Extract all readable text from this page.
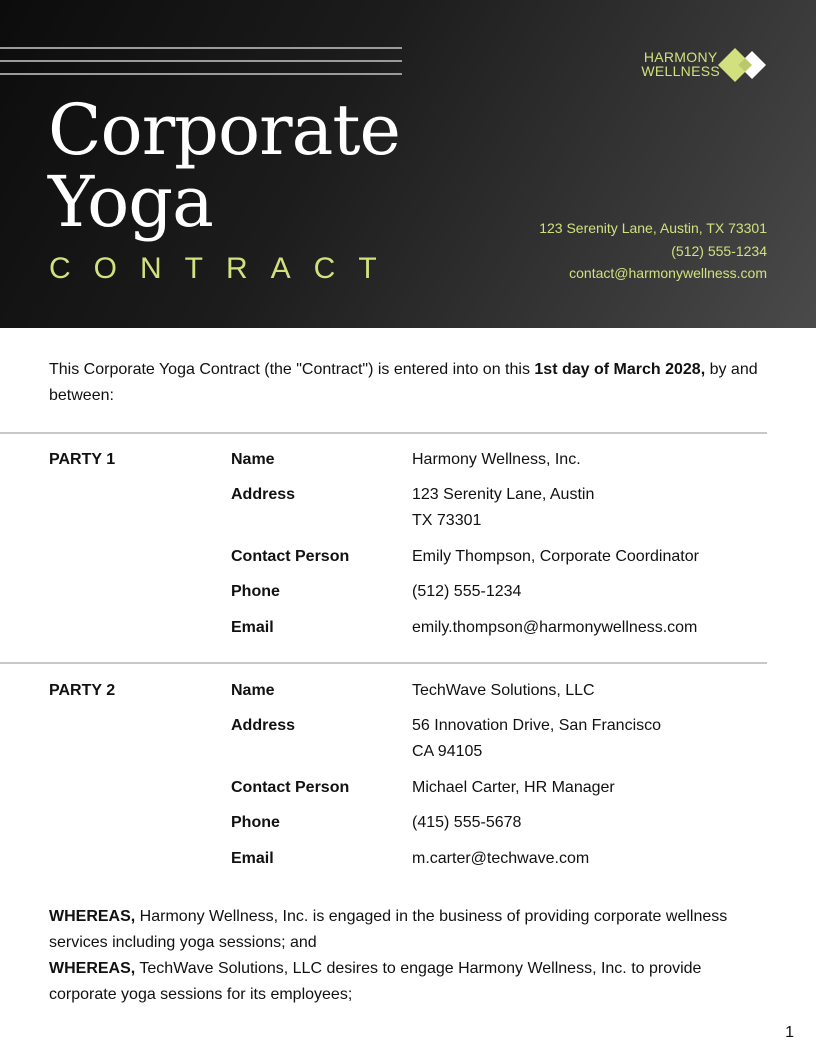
Corporate
Yoga
CONTRACT
HARMONY
WELLNESS
123 Serenity Lane, Austin, TX 73301
(512) 555-1234
contact@harmonywellness.com

This Corporate Yoga Contract (the "Contract") is entered into on this 1st day of March 2028, by and between:

PARTY 1	Name	Harmony Wellness, Inc.
Address	123 Serenity Lane, Austin
TX 73301
Contact Person	Emily Thompson, Corporate Coordinator
Phone	(512) 555-1234
Email	emily.thompson@harmonywellness.com
PARTY 2	Name	TechWave Solutions, LLC
Address	56 Innovation Drive, San Francisco
CA 94105
Contact Person	Michael Carter, HR Manager
Phone	(415) 555-5678
Email	m.carter@techwave.com

WHEREAS, Harmony Wellness, Inc. is engaged in the business of providing corporate wellness services including yoga sessions; and

WHEREAS, TechWave Solutions, LLC desires to engage Harmony Wellness, Inc. to provide corporate yoga sessions for its employees;

1
